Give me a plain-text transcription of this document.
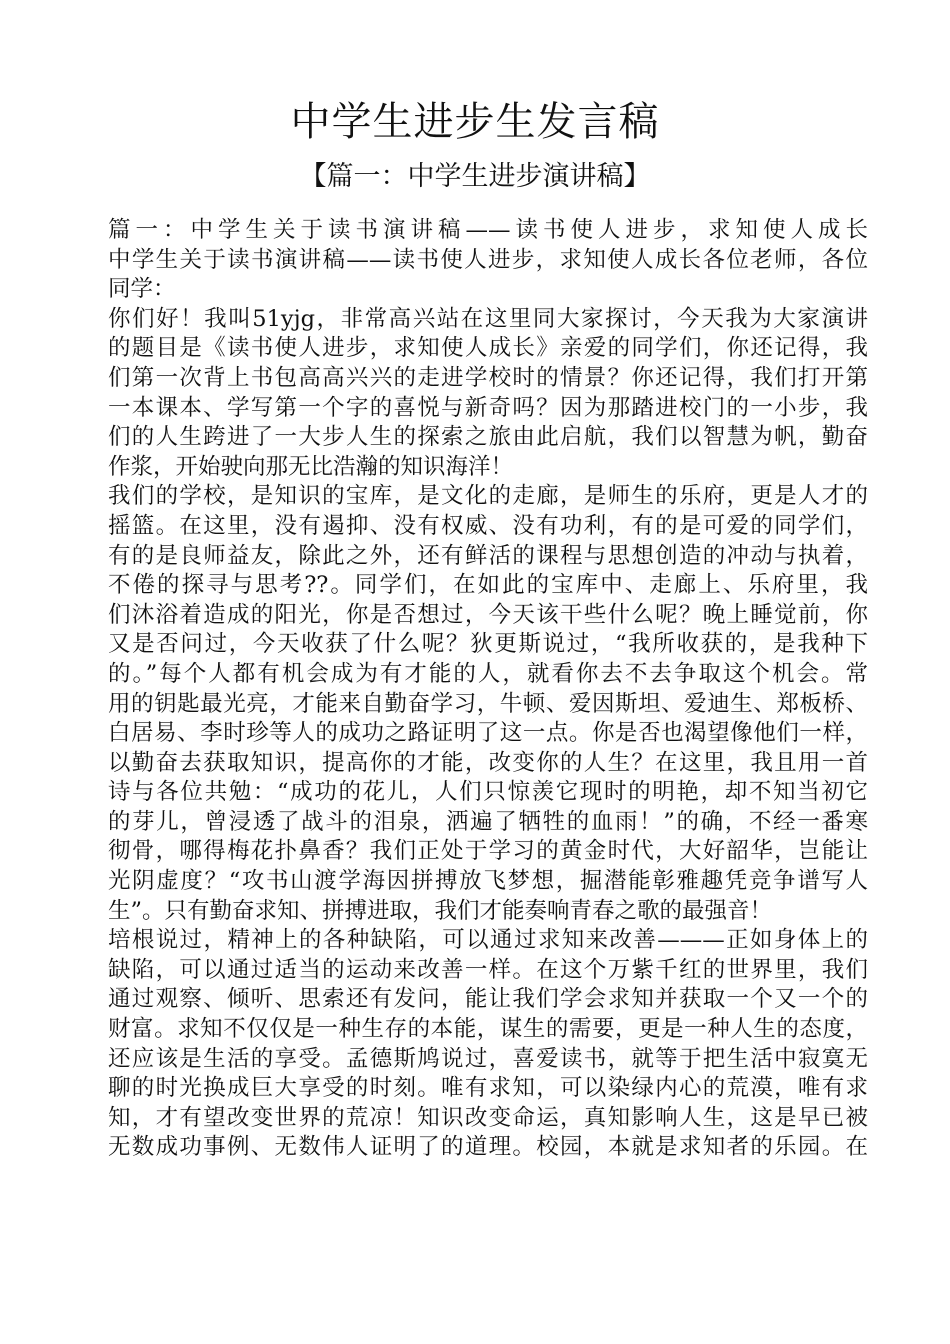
中学生进步生发言稿
【篇一：中学生进步演讲稿】
篇一：中学生关于读书演讲稿——读书使人进步，求知使人成长
中学生关于读书演讲稿——读书使人进步，求知使人成长各位老师，各位
同学：
你们好！我叫51yjg，非常高兴站在这里同大家探讨，今天我为大家演讲
的题目是《读书使人进步，求知使人成长》亲爱的同学们，你还记得，我
们第一次背上书包高高兴兴的走进学校时的情景？你还记得，我们打开第
一本课本、学写第一个字的喜悦与新奇吗？因为那踏进校门的一小步，我
们的人生跨进了一大步人生的探索之旅由此启航，我们以智慧为帆，勤奋
作浆，开始驶向那无比浩瀚的知识海洋！
我们的学校，是知识的宝库，是文化的走廊，是师生的乐府，更是人才的
摇篮。在这里，没有遏抑、没有权威、没有功利，有的是可爱的同学们，
有的是良师益友，除此之外，还有鲜活的课程与思想创造的冲动与执着，
不倦的探寻与思考??。同学们，在如此的宝库中、走廊上、乐府里，我
们沐浴着造成的阳光，你是否想过，今天该干些什么呢？晚上睡觉前，你
又是否问过，今天收获了什么呢？狄更斯说过，“我所收获的，是我种下
的。”每个人都有机会成为有才能的人，就看你去不去争取这个机会。常
用的钥匙最光亮，才能来自勤奋学习，牛顿、爱因斯坦、爱迪生、郑板桥、
白居易、李时珍等人的成功之路证明了这一点。你是否也渴望像他们一样，
以勤奋去获取知识，提高你的才能，改变你的人生？在这里，我且用一首
诗与各位共勉：“成功的花儿，人们只惊羡它现时的明艳，却不知当初它
的芽儿，曾浸透了战斗的泪泉，洒遍了牺牲的血雨！”的确，不经一番寒
彻骨，哪得梅花扑鼻香？我们正处于学习的黄金时代，大好韶华，岂能让
光阴虚度？“攻书山渡学海因拼搏放飞梦想，掘潜能彰雅趣凭竞争谱写人
生”。只有勤奋求知、拼搏进取，我们才能奏响青春之歌的最强音！
培根说过，精神上的各种缺陷，可以通过求知来改善———正如身体上的
缺陷，可以通过适当的运动来改善一样。在这个万紫千红的世界里，我们
通过观察、倾听、思索还有发问，能让我们学会求知并获取一个又一个的
财富。求知不仅仅是一种生存的本能，谋生的需要，更是一种人生的态度，
还应该是生活的享受。孟德斯鸠说过，喜爱读书，就等于把生活中寂寞无
聊的时光换成巨大享受的时刻。唯有求知，可以染绿内心的荒漠，唯有求
知，才有望改变世界的荒凉！知识改变命运，真知影响人生，这是早已被
无数成功事例、无数伟人证明了的道理。校园，本就是求知者的乐园。在
